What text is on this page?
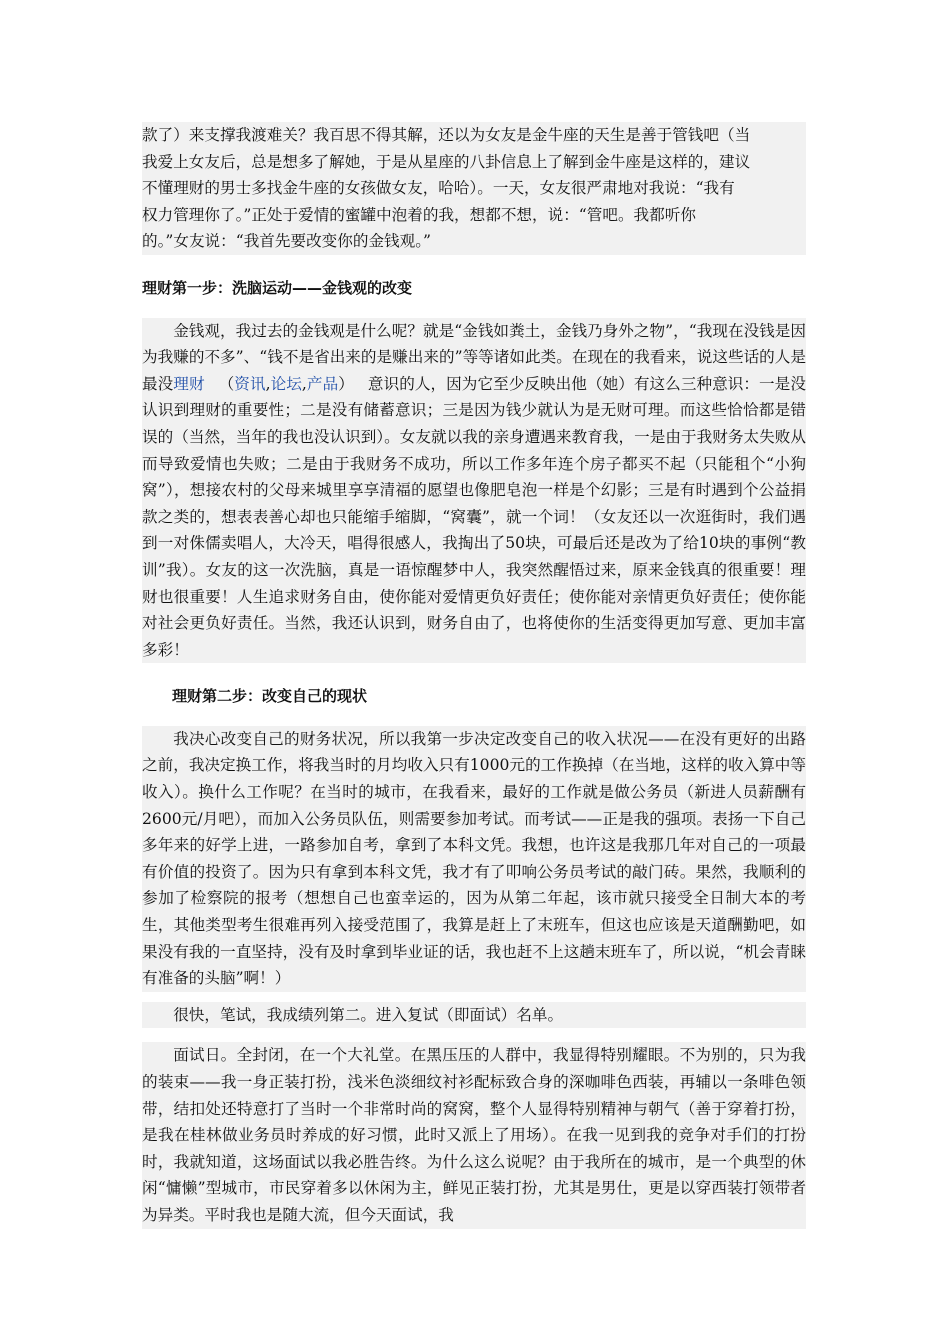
款了）来支撑我渡难关？我百思不得其解，还以为女友是金牛座的天生是善于管钱吧（当

我爱上女友后，总是想多了解她，于是从星座的八卦信息上了解到金牛座是这样的，建议

不懂理财的男士多找金牛座的女孩做女友，哈哈）。一天，女友很严肃地对我说：“我有

权力管理你了。”正处于爱情的蜜罐中泡着的我，想都不想，说：“管吧。我都听你

的。”女友说：“我首先要改变你的金钱观。”

理财第一步：洗脑运动——金钱观的改变

金钱观，我过去的金钱观是什么呢？就是“金钱如粪土，金钱乃身外之物”，“我现在没钱是因为我赚的不多”、“钱不是省出来的是赚出来的”等等诸如此类。在现在的我看来，说这些话的人是最没理财 （资讯,论坛,产品） 意识的人，因为它至少反映出他（她）有这么三种意识：一是没认识到理财的重要性；二是没有储蓄意识；三是因为钱少就认为是无财可理。而这些恰恰都是错误的（当然，当年的我也没认识到）。女友就以我的亲身遭遇来教育我，一是由于我财务太失败从而导致爱情也失败；二是由于我财务不成功，所以工作多年连个房子都买不起（只能租个“小狗窝”），想接农村的父母来城里享享清福的愿望也像肥皂泡一样是个幻影；三是有时遇到个公益捐款之类的，想表表善心却也只能缩手缩脚，“窝囊”，就一个词！（女友还以一次逛街时，我们遇到一对侏儒卖唱人，大冷天，唱得很感人，我掏出了50块，可最后还是改为了给10块的事例“教训”我）。女友的这一次洗脑，真是一语惊醒梦中人，我突然醒悟过来，原来金钱真的很重要！理财也很重要！人生追求财务自由，使你能对爱情更负好责任；使你能对亲情更负好责任；使你能对社会更负好责任。当然，我还认识到，财务自由了，也将使你的生活变得更加写意、更加丰富多彩！

理财第二步：改变自己的现状

我决心改变自己的财务状况，所以我第一步决定改变自己的收入状况——在没有更好的出路之前，我决定换工作，将我当时的月均收入只有1000元的工作换掉（在当地，这样的收入算中等收入）。换什么工作呢？在当时的城市，在我看来，最好的工作就是做公务员（新进人员薪酬有2600元/月吧），而加入公务员队伍，则需要参加考试。而考试——正是我的强项。表扬一下自己多年来的好学上进，一路参加自考，拿到了本科文凭。我想，也许这是我那几年对自己的一项最有价值的投资了。因为只有拿到本科文凭，我才有了叩响公务员考试的敲门砖。果然，我顺利的参加了检察院的报考（想想自己也蛮幸运的，因为从第二年起，该市就只接受全日制大本的考生，其他类型考生很难再列入接受范围了，我算是赶上了末班车，但这也应该是天道酬勤吧，如果没有我的一直坚持，没有及时拿到毕业证的话，我也赶不上这趟末班车了，所以说，“机会青睐有准备的头脑”啊！）

很快，笔试，我成绩列第二。进入复试（即面试）名单。

面试日。全封闭，在一个大礼堂。在黑压压的人群中，我显得特别耀眼。不为别的，只为我的装束——我一身正装打扮，浅米色淡细纹衬衫配标致合身的深咖啡色西装，再辅以一条啡色领带，结扣处还特意打了当时一个非常时尚的窝窝，整个人显得特别精神与朝气（善于穿着打扮，是我在桂林做业务员时养成的好习惯，此时又派上了用场）。在我一见到我的竞争对手们的打扮时，我就知道，这场面试以我必胜告终。为什么这么说呢？由于我所在的城市，是一个典型的休闲“慵懒”型城市，市民穿着多以休闲为主，鲜见正装打扮，尤其是男仕，更是以穿西装打领带者为异类。平时我也是随大流，但今天面试，我
